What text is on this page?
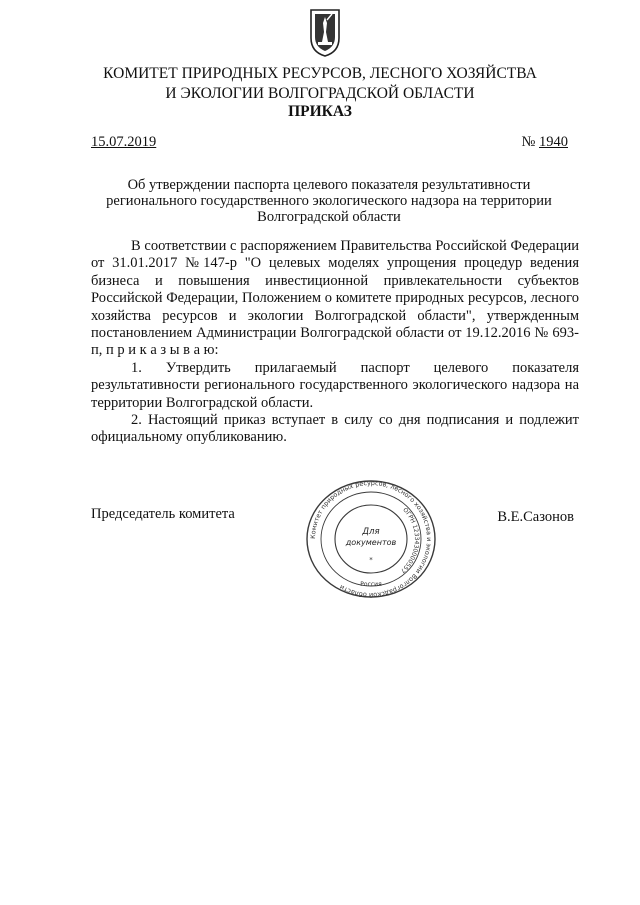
КОМИТЕТ ПРИРОДНЫХ РЕСУРСОВ, ЛЕСНОГО ХОЗЯЙСТВА
И ЭКОЛОГИИ ВОЛГОГРАДСКОЙ ОБЛАСТИ
ПРИКАЗ
15.07.2019	№ 1940
Об утверждении паспорта целевого показателя результативности регионального государственного экологического надзора на территории Волгоградской области

В соответствии с распоряжением Правительства Российской Федерации от 31.01.2017 №147-р "О целевых моделях упрощения процедур ведения бизнеса и повышения инвестиционной привлекательности субъектов Российской Федерации, Положением о комитете природных ресурсов, лесного хозяйства ресурсов и экологии Волгоградской области", утвержденным постановлением Администрации Волгоградской области от 19.12.2016 № 693-п, п р и к а з ы в а ю:

1. Утвердить прилагаемый паспорт целевого показателя результативности регионального государственного экологического надзора на территории Волгоградской области.

2. Настоящий приказ вступает в силу со дня подписания и подлежит официальному опубликованию.

Председатель комитета	В.Е.Сазонов
Комитет природных ресурсов, лесного хозяйства и экологии Волгоградской области
ОГРН 1233430000557
Для
документов
*
Россия
